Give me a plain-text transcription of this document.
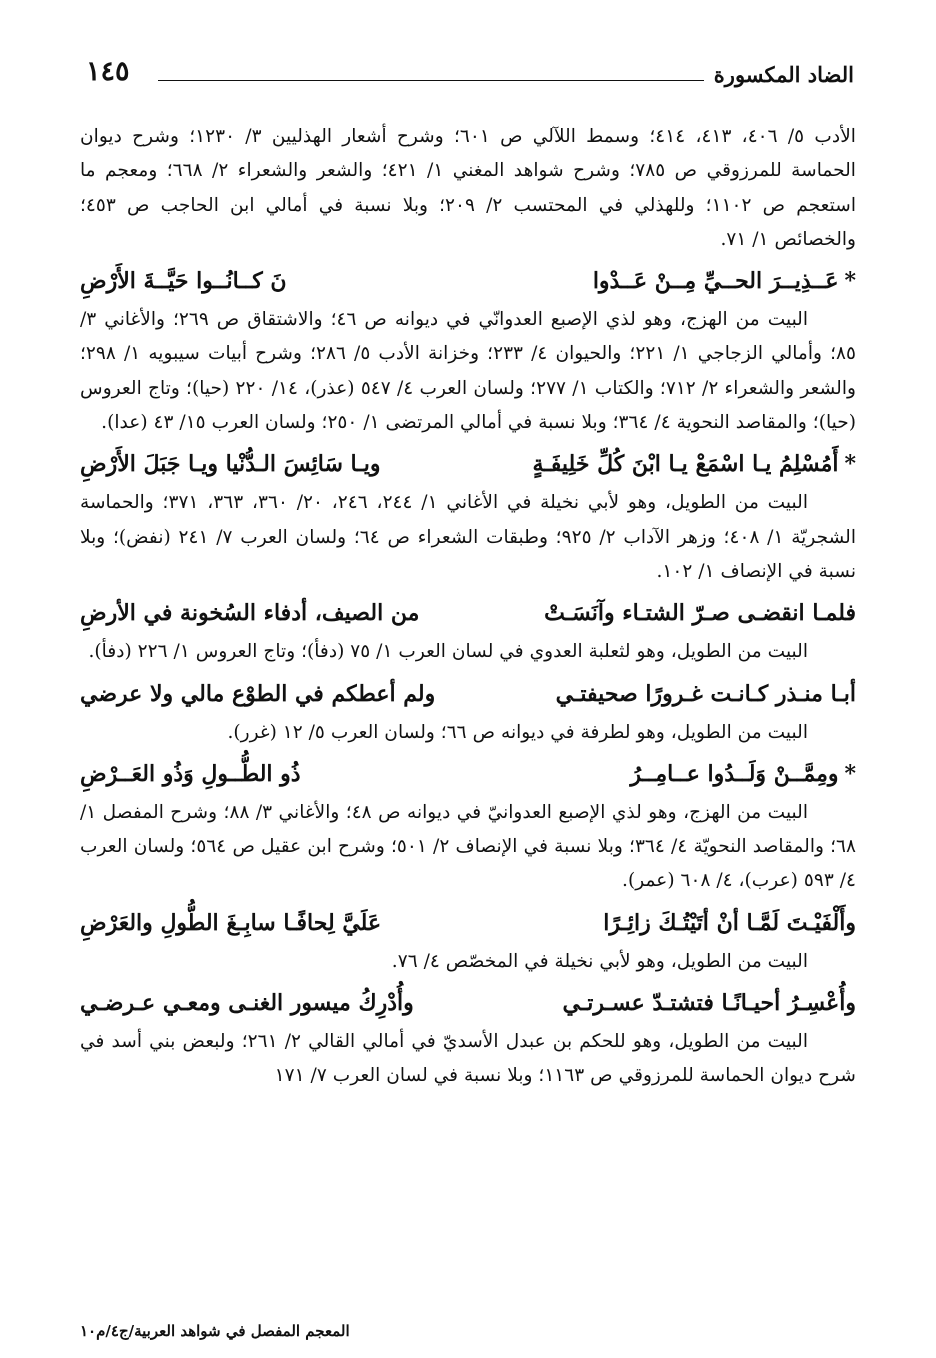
الضاد المكسورة
١٤٥
الأدب ٥/ ٤٠٦، ٤١٣، ٤١٤؛ وسمط اللآلي ص ٦٠١؛ وشرح أشعار الهذليين ٣/ ١٢٣٠؛ وشرح ديوان الحماسة للمرزوقي ص ٧٨٥؛ وشرح شواهد المغني ١/ ٤٢١؛ والشعر والشعراء ٢/ ٦٦٨؛ ومعجم ما استعجم ص ١١٠٢؛ وللهذلي في المحتسب ٢/ ٢٠٩؛ وبلا نسبة في أمالي ابن الحاجب ص ٤٥٣؛ والخصائص ١/ ٧١.
*عَــذِيــرَ الحــيِّ مِــنْ عَــدْوا
نَ كــانُــوا حَيَّــةَ الأَرْضِ
البيت من الهزج، وهو لذي الإصبع العدوانّي في ديوانه ص ٤٦؛ والاشتقاق ص ٢٦٩؛ والأغاني ٣/ ٨٥؛ وأمالي الزجاجي ١/ ٢٢١؛ والحيوان ٤/ ٢٣٣؛ وخزانة الأدب ٥/ ٢٨٦؛ وشرح أبيات سيبويه ١/ ٢٩٨؛ والشعر والشعراء ٢/ ٧١٢؛ والكتاب ١/ ٢٧٧؛ ولسان العرب ٤/ ٥٤٧ (عذر)، ١٤/ ٢٢٠ (حيا)؛ وتاج العروس (حيا)؛ والمقاصد النحوية ٤/ ٣٦٤؛ وبلا نسبة في أمالي المرتضى ١/ ٢٥٠؛ ولسان العرب ١٥/ ٤٣ (عدا).
*أَمُسْلِمُ يـا اسْمَعْ يـا ابْنَ كُلِّ خَلِيفَـةٍ
ويـا سَائِسَ الـدُّنْيا ويـا جَبَلَ الأَرْضِ
البيت من الطويل، وهو لأبي نخيلة في الأغاني ١/ ٢٤٤، ٢٤٦، ٢٠/ ٣٦٠، ٣٦٣، ٣٧١؛ والحماسة الشجريّة ١/ ٤٠٨؛ وزهر الآداب ٢/ ٩٢٥؛ وطبقات الشعراء ص ٦٤؛ ولسان العرب ٧/ ٢٤١ (نفض)؛ وبلا نسبة في الإنصاف ١/ ١٠٢.
فلمـا انقضـى صـرّ الشتـاء وآنَسَـتْ
من الصيف، أدفاء السُخونة في الأرضِ
البيت من الطويل، وهو لثعلبة العدوي في لسان العرب ١/ ٧٥ (دفأ)؛ وتاج العروس ١/ ٢٢٦ (دفأ).
أبـا منـذر كـانـت غـرورًا صحيفتـي
ولم أعطكم في الطوْع مالي ولا عرضي
البيت من الطويل، وهو لطرفة في ديوانه ص ٦٦؛ ولسان العرب ٥/ ١٢ (غرر).
*ومِمَّــنْ وَلَــدُوا عــامِــرُ
ذُو الطُّــولِ وَذُو العَــرْضِ
البيت من الهزج، وهو لذي الإصبع العدوانيّ في ديوانه ص ٤٨؛ والأغاني ٣/ ٨٨؛ وشرح المفصل ١/ ٦٨؛ والمقاصد النحويّة ٤/ ٣٦٤؛ وبلا نسبة في الإنصاف ٢/ ٥٠١؛ وشرح ابن عقيل ص ٥٦٤؛ ولسان العرب ٤/ ٥٩٣ (عرب)، ٤/ ٦٠٨ (عمر).
وأَلْفَيْـتَ لَمَّـا أنْ أتَيْتُـكَ زائِـرًا
عَلَيَّ لِحافًـا سابِـغَ الطُّولِ والعَرْضِ
البيت من الطويل، وهو لأبي نخيلة في المخصّص ٤/ ٧٦.
وأُعْسِـرُ أحيـانًـا فتشتـدّ عسـرتـي
وأُدْرِكُ ميسور الغنـى ومعـي عـرضـي
البيت من الطويل، وهو للحكم بن عبدل الأسديّ في أمالي القالي ٢/ ٢٦١؛ ولبعض بني أسد في شرح ديوان الحماسة للمرزوقي ص ١١٦٣؛ وبلا نسبة في لسان العرب ٧/ ١٧١
المعجم المفصل في شواهد العربية/ج٤/م١٠
